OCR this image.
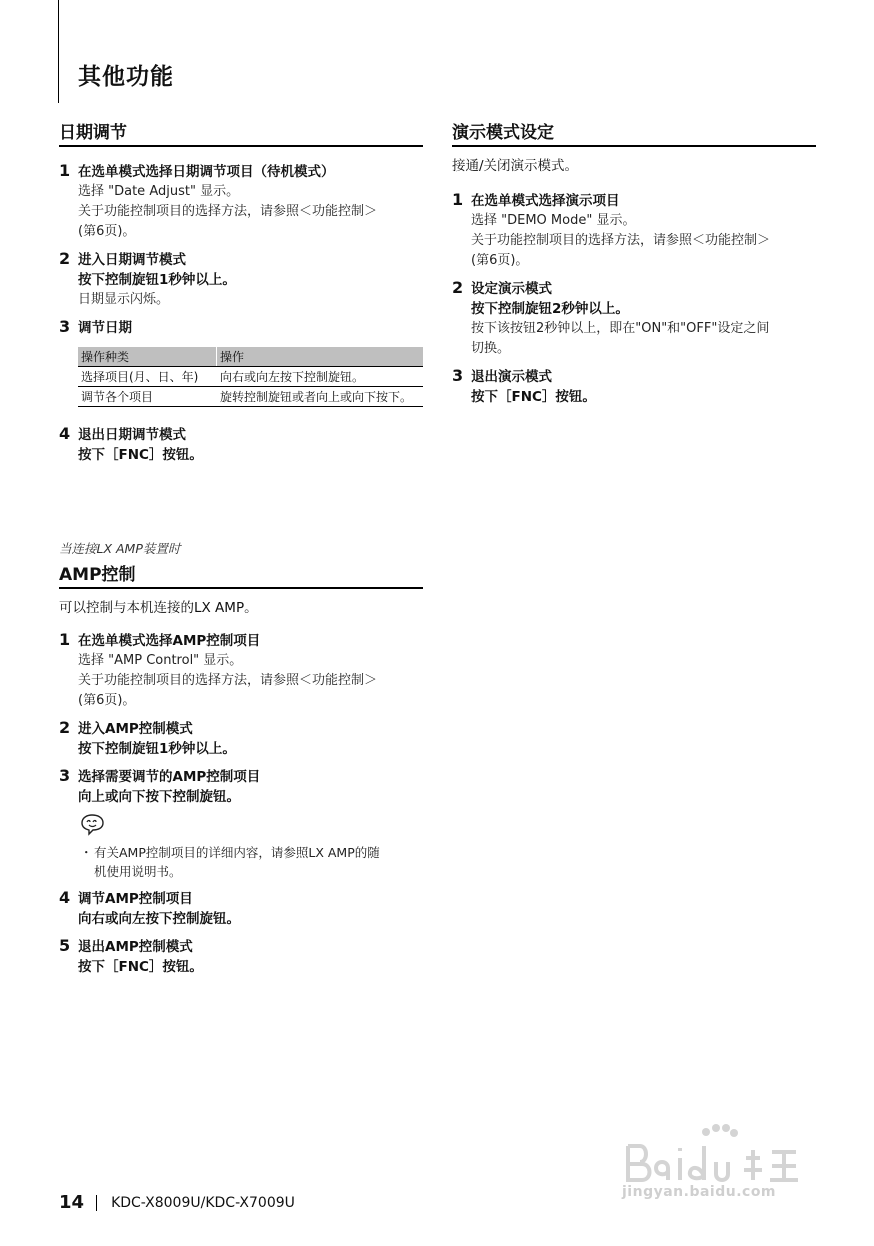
其他功能
日期调节
1 在选单模式选择日期调节项目（待机模式）
选择 "Date Adjust" 显示。
关于功能控制项目的选择方法，请参照＜功能控制＞
(第6页)。
2 进入日期调节模式
按下控制旋钮1秒钟以上。
日期显示闪烁。
3 调节日期
操作种类	操作
选择项目(月、日、年)	向右或向左按下控制旋钮。
调节各个项目	旋转控制旋钮或者向上或向下按下。
4 退出日期调节模式
按下［FNC］按钮。

当连接LX AMP装置时

AMP控制

可以控制与本机连接的LX AMP。

1 在选单模式选择AMP控制项目
选择 "AMP Control" 显示。
关于功能控制项目的选择方法，请参照＜功能控制＞
(第6页)。
2 进入AMP控制模式
按下控制旋钮1秒钟以上。
3 选择需要调节的AMP控制项目
向上或向下按下控制旋钮。
・ 有关AMP控制项目的详细内容，请参照LX AMP的随
机使用说明书。
4 调节AMP控制项目
向右或向左按下控制旋钮。
5 退出AMP控制模式
按下［FNC］按钮。
演示模式设定

接通/关闭演示模式。

1 在选单模式选择演示项目
选择 "DEMO Mode" 显示。
关于功能控制项目的选择方法，请参照＜功能控制＞
(第6页)。
2 设定演示模式
按下控制旋钮2秒钟以上。
按下该按钮2秒钟以上，即在"ON"和"OFF"设定之间
切换。
3 退出演示模式
按下［FNC］按钮。
14 KDC-X8009U/KDC-X7009U
jingyan.baidu.com
